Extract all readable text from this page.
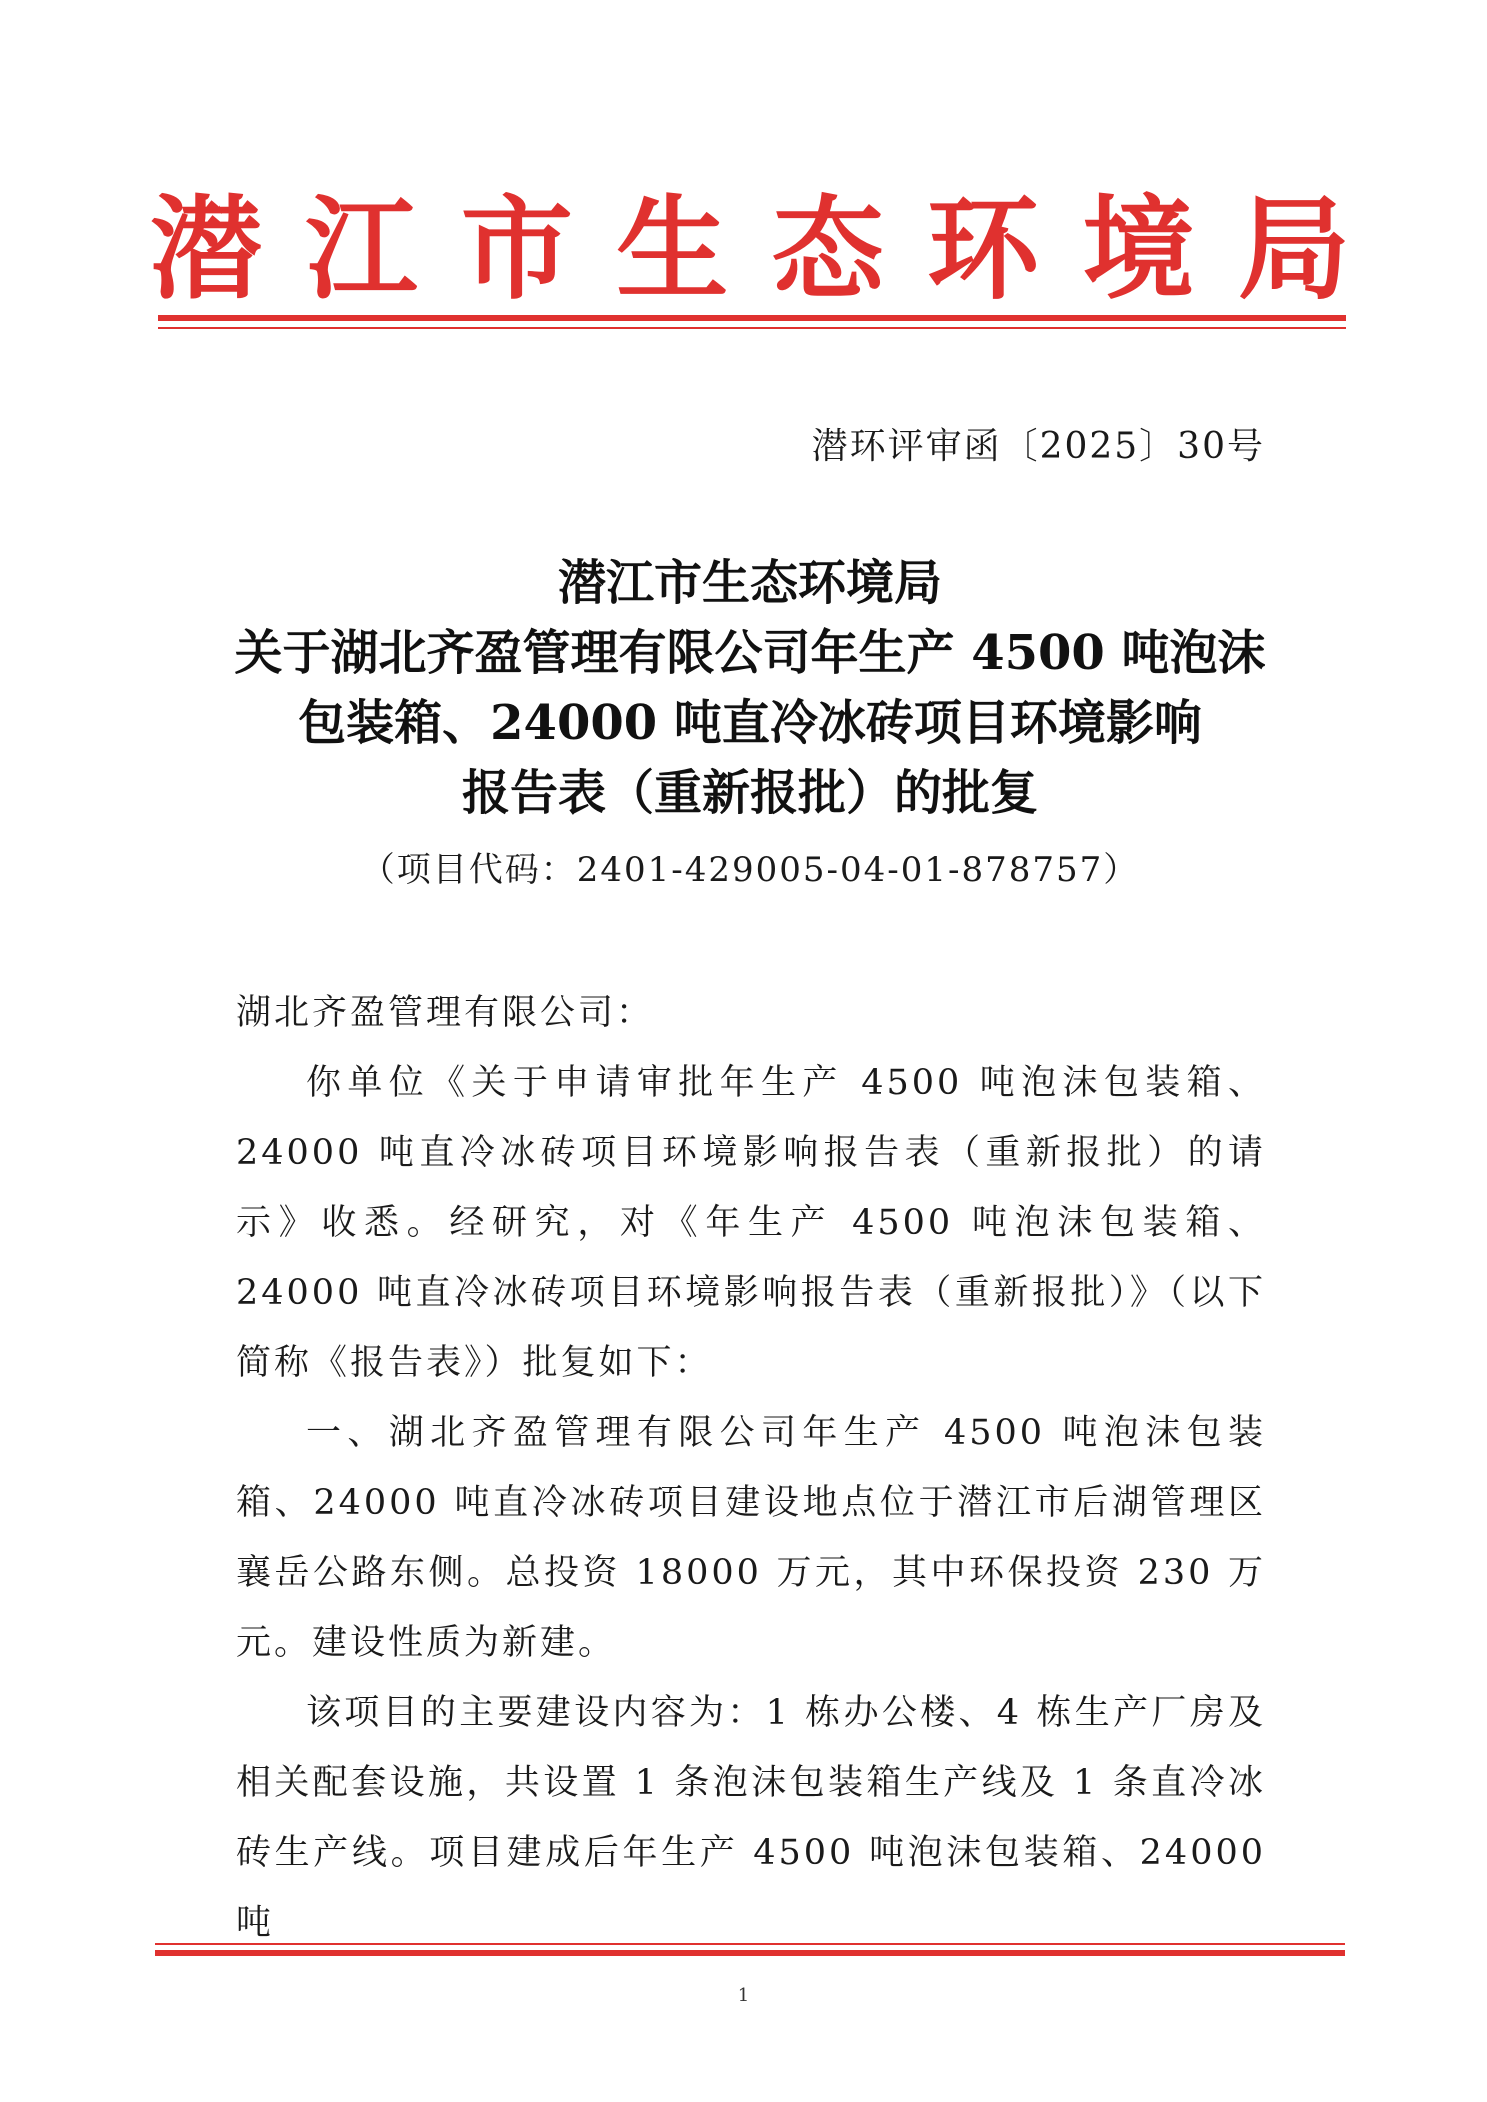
潜 江 市 生 态 环 境 局
潜环评审函〔2025〕30号
潜江市生态环境局
关于湖北齐盈管理有限公司年生产 4500 吨泡沫
包装箱、24000 吨直冷冰砖项目环境影响
报告表（重新报批）的批复
（项目代码：2401-429005-04-01-878757）

湖北齐盈管理有限公司：

你单位《关于申请审批年生产 4500 吨泡沫包装箱、24000 吨直冷冰砖项目环境影响报告表（重新报批）的请示》收悉。经研究，对《年生产 4500 吨泡沫包装箱、24000 吨直冷冰砖项目环境影响报告表（重新报批）》（以下简称《报告表》）批复如下：

一、湖北齐盈管理有限公司年生产 4500 吨泡沫包装箱、24000 吨直冷冰砖项目建设地点位于潜江市后湖管理区襄岳公路东侧。总投资 18000 万元，其中环保投资 230 万元。建设性质为新建。

该项目的主要建设内容为：1 栋办公楼、4 栋生产厂房及相关配套设施，共设置 1 条泡沫包装箱生产线及 1 条直冷冰砖生产线。项目建成后年生产 4500 吨泡沫包装箱、24000 吨

1
